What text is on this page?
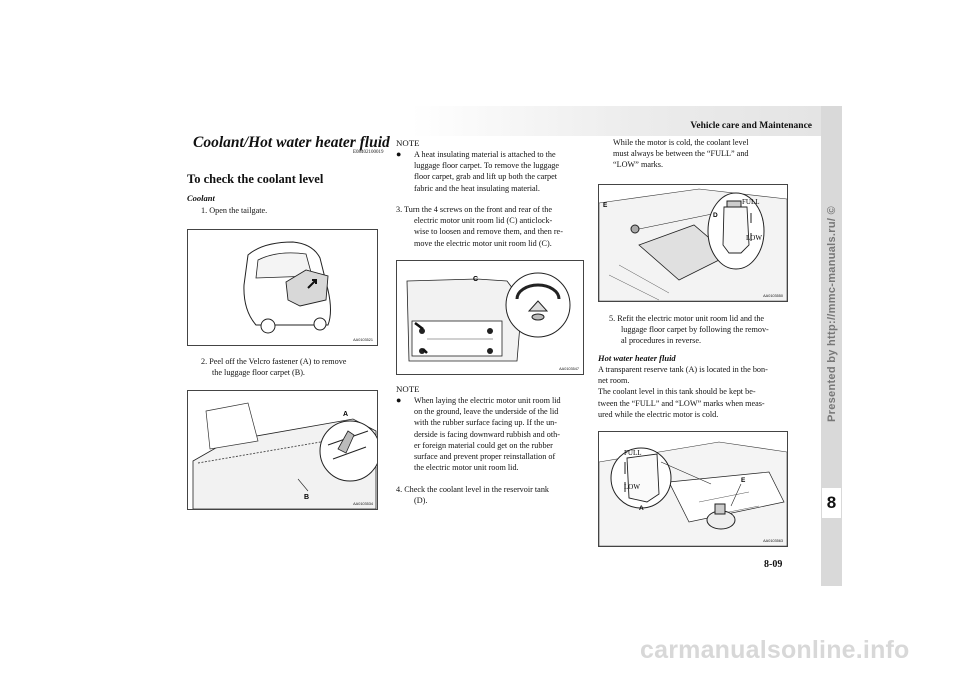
Vehicle care and Maintenance
Presented by http://mmc-manuals.ru/ ©
8
8-09
carmanualsonline.info
Coolant/Hot water heater fluid
E08402100019
To check the coolant level
Coolant
1. Open the tailgate.
AA0103521
2. Peel off the Velcro fastener (A) to remove
the luggage floor carpet (B).
A
B
AA0103534
NOTE
● A heat insulating material is attached to the
luggage floor carpet. To remove the luggage
floor carpet, grab and lift up both the carpet
fabric and the heat insulating material.
3. Turn the 4 screws on the front and rear of the
electric motor unit room lid (C) anticlock-
wise to loosen and remove them, and then re-
move the electric motor unit room lid (C).
C
AA0103547
NOTE
● When laying the electric motor unit room lid
on the ground, leave the underside of the lid
with the rubber surface facing up. If the un-
derside is facing downward rubbish and oth-
er foreign material could get on the rubber
surface and prevent proper reinstallation of
the electric motor unit room lid.
4. Check the coolant level in the reservoir tank
(D).
While the motor is cold, the coolant level
must always be between the “FULL” and
“LOW” marks.
E
D
FULL
LOW
AA0103550
5. Refit the electric motor unit room lid and the
luggage floor carpet by following the remov-
al procedures in reverse.
Hot water heater fluid
A transparent reserve tank (A) is located in the bon-
net room.
The coolant level in this tank should be kept be-
tween the “FULL” and “LOW” marks when meas-
ured while the electric motor is cold.
FULL
LOW
A
E
AA0103563
